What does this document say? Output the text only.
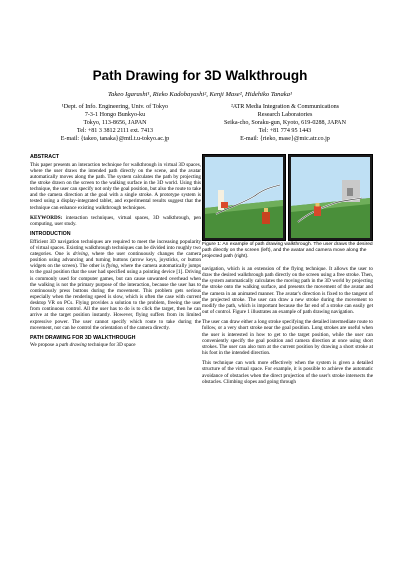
Path Drawing for 3D Walkthrough
Takeo Igarashi¹, Rieko Kadobayashi², Kenji Mase², Hidehiko Tanaka¹
¹Dept. of Info. Engineering, Univ. of Tokyo
7-3-1 Hongo Bunkyo-ku
Tokyo, 113-8656, JAPAN
Tel: +81 3 3812 2111 ext. 7413
E-mail: {takeo, tanaka}@mtl.t.u-tokyo.ac.jp
²ATR Media Integration & Communications
Research Laboratories
Seika-cho, Soraku-gun, Kyoto, 619-0288, JAPAN
Tel: +81 774 95 1443
E-mail: {rieko, mase}@mic.atr.co.jp
ABSTRACT

This paper presents an interaction technique for walkthrough in virtual 3D spaces, where the user draws the intended path directly on the scene, and the avatar automatically moves along the path. The system calculates the path by projecting the stroke drawn on the screen to the walking surface in the 3D world. Using this technique, the user can specify not only the goal position, but also the route to take and the camera direction at the goal with a single stroke. A prototype system is tested using a display-integrated tablet, and experimental results suggest that the technique can enhance existing walkthrough techniques.

KEYWORDS: interaction techniques, virtual spaces, 3D walkthrough, pen computing, user study.

INTRODUCTION

Efficient 3D navigation techniques are required to meet the increasing popularity of virtual spaces. Existing walkthrough techniques can be divided into roughly two categories. One is driving, where the user continuously changes the camera position using advancing and turning buttons (arrow keys, joysticks, or button widgets on the screen). The other is flying, where the camera automatically jumps to the goal position that the user had specified using a pointing device [1]. Driving is commonly used for computer games, but can cause unwanted overhead when the walking is not the primary purpose of the interaction, because the user has to continuously press buttons during the movement. This problem gets serious especially when the rendering speed is slow, which is often the case with current desktop VR on PCs. Flying provides a solution to the problem, freeing the user from continuous control. All the user has to do is to click the target, then he can arrive at the target position instantly. However, flying suffers from its limited expressive power. The user cannot specify which route to take during the movement, nor can he control the orientation of the camera directly.

PATH DRAWING FOR 3D WALKTHROUGH

We propose a path drawing technique for 3D space

Figure 1: An example of path drawing walkthrough. The user draws the desired path directly on the screen (left), and the avatar and camera move along the projected path (right).

navigation, which is an extension of the flying technique. It allows the user to draw the desired walkthrough path directly on the screen using a free stroke. Then, the system automatically calculates the moving path in the 3D world by projecting the stroke onto the walking surface, and presents the movement of the avatar and the camera in an animated manner. The avatar's direction is fixed to the tangent of the projected stroke. The user can draw a new stroke during the movement to modify the path, which is important because the far end of a stroke can easily get out of control. Figure 1 illustrates an example of path drawing navigation.

The user can draw either a long stroke specifying the detailed intermediate route to follow, or a very short stroke near the goal position. Long strokes are useful when the user is interested in how to get to the target position, while the user can conveniently specify the goal position and camera direction at once using short strokes. The user can also turn at the current position by drawing a short stroke at his foot in the intended direction.

This technique can work more effectively when the system is given a detailed structure of the virtual space. For example, it is possible to achieve the automatic avoidance of obstacles when the direct projection of the user's stroke intersects the obstacles. Climbing slopes and going through
